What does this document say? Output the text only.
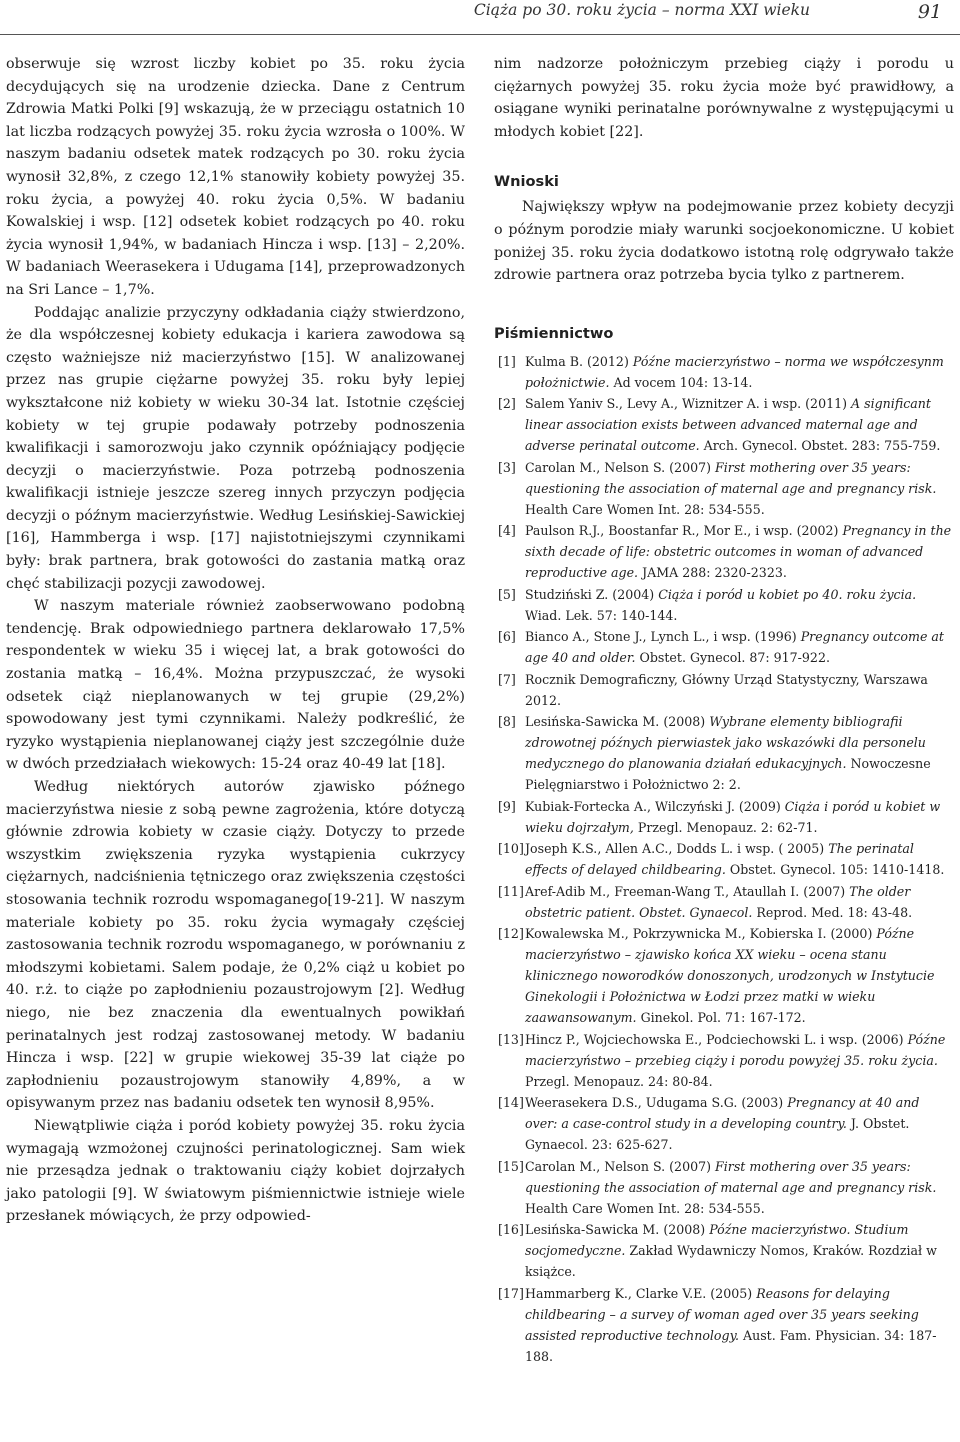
Ciąża po 30. roku życia – norma XXI wieku	91

obserwuje się wzrost liczby kobiet po 35. roku życia decydujących się na urodzenie dziecka. Dane z Centrum Zdrowia Matki Polki [9] wskazują, że w przeciągu ostatnich 10 lat liczba rodzących powyżej 35. roku życia wzrosła o 100%. W naszym badaniu odsetek matek rodzących po 30. roku życia wynosił 32,8%, z czego 12,1% stanowiły kobiety powyżej 35. roku życia, a powyżej 40. roku życia 0,5%. W badaniu Kowalskiej i wsp. [12] odsetek kobiet rodzących po 40. roku życia wynosił 1,94%, w badaniach Hincza i wsp. [13] – 2,20%. W badaniach Weerasekera i Udugama [14], przeprowadzonych na Sri Lance – 1,7%.

Poddając analizie przyczyny odkładania ciąży stwierdzono, że dla współczesnej kobiety edukacja i kariera zawodowa są często ważniejsze niż macierzyństwo [15]. W analizowanej przez nas grupie ciężarne powyżej 35. roku były lepiej wykształcone niż kobiety w wieku 30-34 lat. Istotnie częściej kobiety w tej grupie podawały potrzeby podnoszenia kwalifikacji i samorozwoju jako czynnik opóźniający podjęcie decyzji o macierzyństwie. Poza potrzebą podnoszenia kwalifikacji istnieje jeszcze szereg innych przyczyn podjęcia decyzji o późnym macierzyństwie. Według Lesińskiej-Sawickiej [16], Hammberga i wsp. [17] najistotniejszymi czynnikami były: brak partnera, brak gotowości do zastania matką oraz chęć stabilizacji pozycji zawodowej.

W naszym materiale również zaobserwowano podobną tendencję. Brak odpowiedniego partnera deklarowało 17,5% respondentek w wieku 35 i więcej lat, a brak gotowości do zostania matką – 16,4%. Można przypuszczać, że wysoki odsetek ciąż nieplanowanych w tej grupie (29,2%) spowodowany jest tymi czynnikami. Należy podkreślić, że ryzyko wystąpienia nieplanowanej ciąży jest szczególnie duże w dwóch przedziałach wiekowych: 15-24 oraz 40-49 lat [18].

Według niektórych autorów zjawisko późnego macierzyństwa niesie z sobą pewne zagrożenia, które dotyczą głównie zdrowia kobiety w czasie ciąży. Dotyczy to przede wszystkim zwiększenia ryzyka wystąpienia cukrzycy ciężarnych, nadciśnienia tętniczego oraz zwiększenia częstości stosowania technik rozrodu wspomaganego[19-21]. W naszym materiale kobiety po 35. roku życia wymagały częściej zastosowania technik rozrodu wspomaganego, w porównaniu z młodszymi kobietami. Salem podaje, że 0,2% ciąż u kobiet po 40. r.ż. to ciąże po zapłodnieniu pozaustrojowym [2]. Według niego, nie bez znaczenia dla ewentualnych powikłań perinatalnych jest rodzaj zastosowanej metody. W badaniu Hincza i wsp. [22] w grupie wiekowej 35-39 lat ciąże po zapłodnieniu pozaustrojowym stanowiły 4,89%, a w opisywanym przez nas badaniu odsetek ten wynosił 8,95%.

Niewątpliwie ciąża i poród kobiety powyżej 35. roku życia wymagają wzmożonej czujności perinatologicznej. Sam wiek nie przesądza jednak o traktowaniu ciąży kobiet dojrzałych jako patologii [9]. W światowym piśmiennictwie istnieje wiele przesłanek mówiących, że przy odpowied-

nim nadzorze położniczym przebieg ciąży i porodu u ciężarnych powyżej 35. roku życia może być prawidłowy, a osiągane wyniki perinatalne porównywalne z występującymi u młodych kobiet [22].

Wnioski

Największy wpływ na podejmowanie przez kobiety decyzji o późnym porodzie miały warunki socjoekonomiczne. U kobiet poniżej 35. roku życia dodatkowo istotną rolę odgrywało także zdrowie partnera oraz potrzeba bycia tylko z partnerem.

Piśmiennictwo
[1] Kulma B. (2012) Późne macierzyństwo – norma we współczesynm położnictwie. Ad vocem 104: 13-14.
[2] Salem Yaniv S., Levy A., Wiznitzer A. i wsp. (2011) A significant linear association exists between advanced maternal age and adverse perinatal outcome. Arch. Gynecol. Obstet. 283: 755-759.
[3] Carolan M., Nelson S. (2007) First mothering over 35 years: questioning the association of maternal age and pregnancy risk. Health Care Women Int. 28: 534-555.
[4] Paulson R.J., Boostanfar R., Mor E., i wsp. (2002) Pregnancy in the sixth decade of life: obstetric outcomes in woman of advanced reproductive age. JAMA 288: 2320-2323.
[5] Studziński Z. (2004) Ciąża i poród u kobiet po 40. roku życia. Wiad. Lek. 57: 140-144.
[6] Bianco A., Stone J., Lynch L., i wsp. (1996) Pregnancy outcome at age 40 and older. Obstet. Gynecol. 87: 917-922.
[7] Rocznik Demograficzny, Główny Urząd Statystyczny, Warszawa 2012.
[8] Lesińska-Sawicka M. (2008) Wybrane elementy bibliografii zdrowotnej późnych pierwiastek jako wskazówki dla personelu medycznego do planowania działań edukacyjnych. Nowoczesne Pielęgniarstwo i Położnictwo 2: 2.
[9] Kubiak-Fortecka A., Wilczyński J. (2009) Ciąża i poród u kobiet w wieku dojrzałym, Przegl. Menopauz. 2: 62-71.
[10] Joseph K.S., Allen A.C., Dodds L. i wsp. ( 2005) The perinatal effects of delayed childbearing. Obstet. Gynecol. 105: 1410-1418.
[11] Aref-Adib M., Freeman-Wang T., Ataullah I. (2007) The older obstetric patient. Obstet. Gynaecol. Reprod. Med. 18: 43-48.
[12] Kowalewska M., Pokrzywnicka M., Kobierska I. (2000) Późne macierzyństwo – zjawisko końca XX wieku – ocena stanu klinicznego noworodków donoszonych, urodzonych w Instytucie Ginekologii i Położnictwa w Łodzi przez matki w wieku zaawansowanym. Ginekol. Pol. 71: 167-172.
[13] Hincz P., Wojciechowska E., Podciechowski L. i wsp. (2006) Późne macierzyństwo – przebieg ciąży i porodu powyżej 35. roku życia. Przegl. Menopauz. 24: 80-84.
[14] Weerasekera D.S., Udugama S.G. (2003) Pregnancy at 40 and over: a case-control study in a developing country. J. Obstet. Gynaecol. 23: 625-627.
[15] Carolan M., Nelson S. (2007) First mothering over 35 years: questioning the association of maternal age and pregnancy risk. Health Care Women Int. 28: 534-555.
[16] Lesińska-Sawicka M. (2008) Późne macierzyństwo. Studium socjomedyczne. Zakład Wydawniczy Nomos, Kraków. Rozdział w książce.
[17] Hammarberg K., Clarke V.E. (2005) Reasons for delaying childbearing – a survey of woman aged over 35 years seeking assisted reproductive technology. Aust. Fam. Physician. 34: 187-188.
